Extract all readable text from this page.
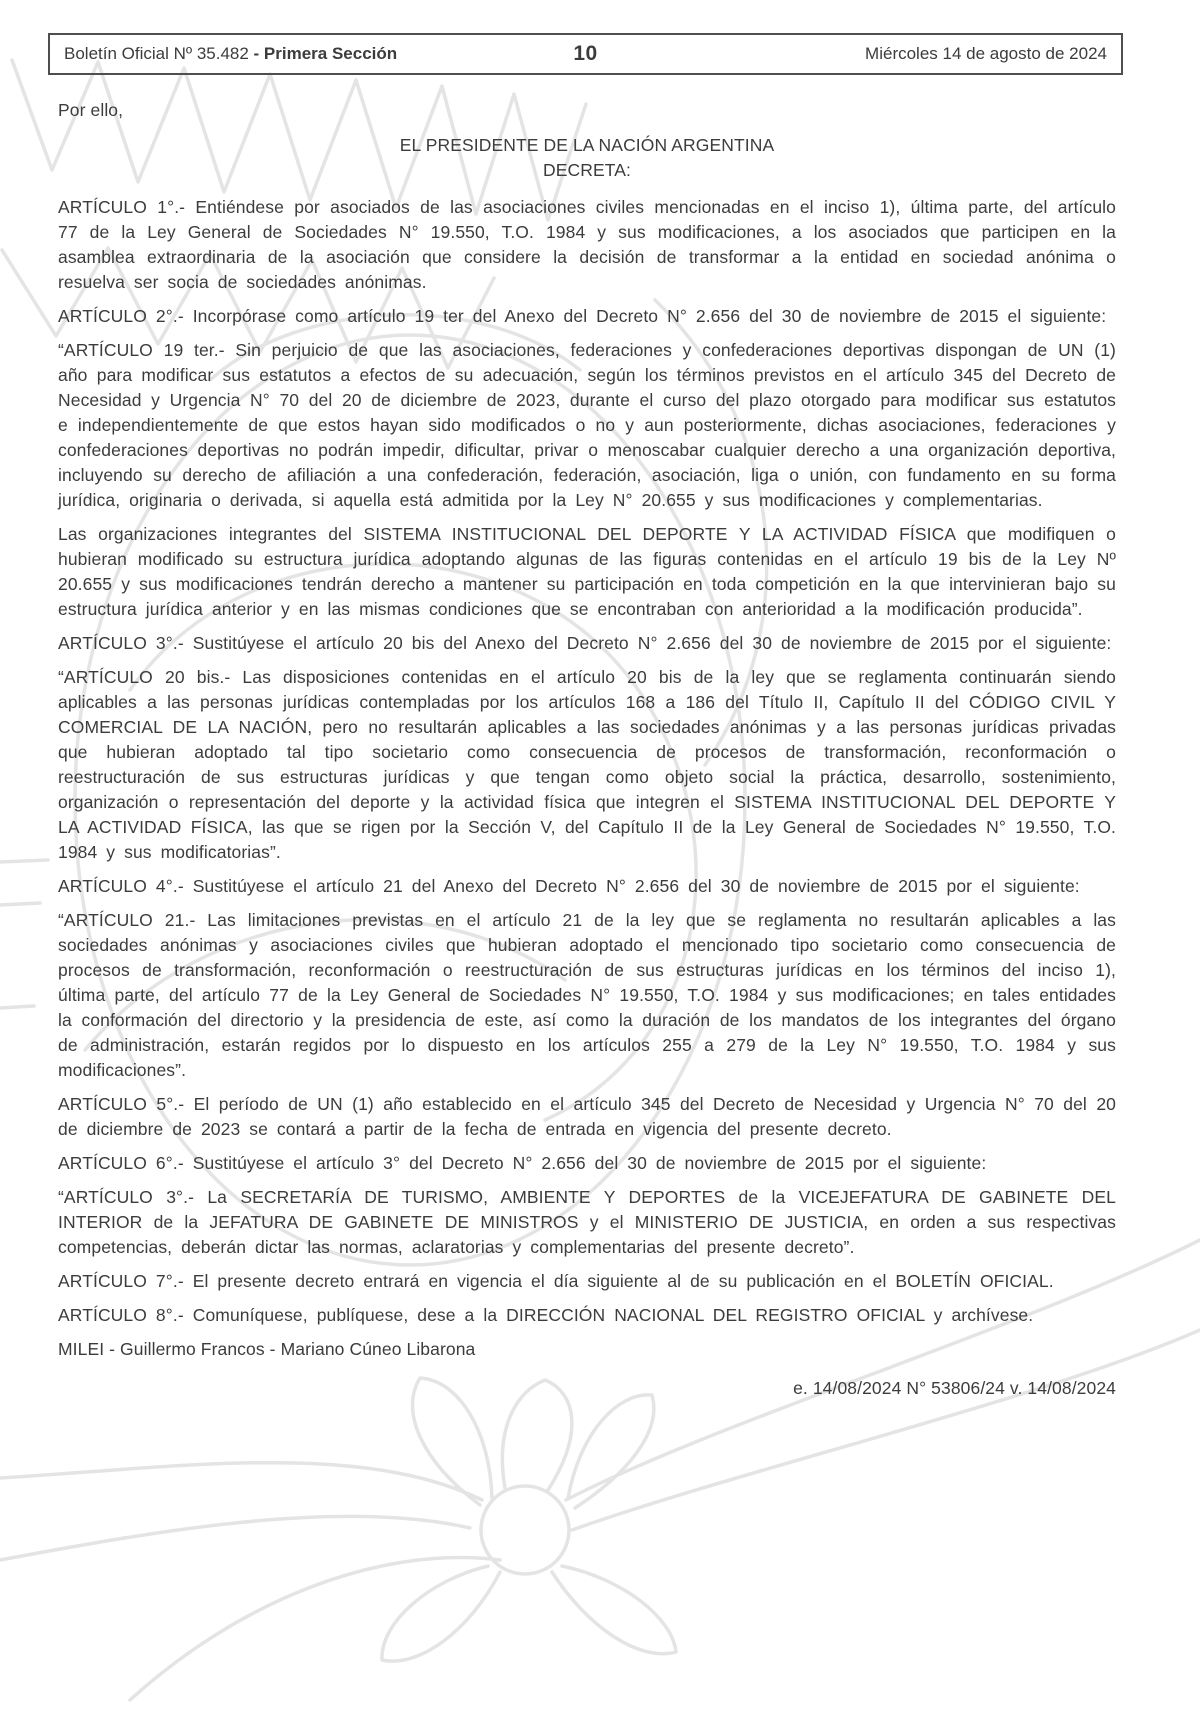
Boletín Oficial Nº 35.482 - Primera Sección	10	Miércoles 14 de agosto de 2024

Por ello,

EL PRESIDENTE DE LA NACIÓN ARGENTINA

DECRETA:

ARTÍCULO 1°.- Entiéndese por asociados de las asociaciones civiles mencionadas en el inciso 1), última parte, del artículo 77 de la Ley General de Sociedades N° 19.550, T.O. 1984 y sus modificaciones, a los asociados que participen en la asamblea extraordinaria de la asociación que considere la decisión de transformar a la entidad en sociedad anónima o resuelva ser socia de sociedades anónimas.

ARTÍCULO 2°.- Incorpórase como artículo 19 ter del Anexo del Decreto N° 2.656 del 30 de noviembre de 2015 el siguiente:

“ARTÍCULO 19 ter.- Sin perjuicio de que las asociaciones, federaciones y confederaciones deportivas dispongan de UN (1) año para modificar sus estatutos a efectos de su adecuación, según los términos previstos en el artículo 345 del Decreto de Necesidad y Urgencia N° 70 del 20 de diciembre de 2023, durante el curso del plazo otorgado para modificar sus estatutos e independientemente de que estos hayan sido modificados o no y aun posteriormente, dichas asociaciones, federaciones y confederaciones deportivas no podrán impedir, dificultar, privar o menoscabar cualquier derecho a una organización deportiva, incluyendo su derecho de afiliación a una confederación, federación, asociación, liga o unión, con fundamento en su forma jurídica, originaria o derivada, si aquella está admitida por la Ley N° 20.655 y sus modificaciones y complementarias.

Las organizaciones integrantes del SISTEMA INSTITUCIONAL DEL DEPORTE Y LA ACTIVIDAD FÍSICA que modifiquen o hubieran modificado su estructura jurídica adoptando algunas de las figuras contenidas en el artículo 19 bis de la Ley Nº 20.655 y sus modificaciones tendrán derecho a mantener su participación en toda competición en la que intervinieran bajo su estructura jurídica anterior y en las mismas condiciones que se encontraban con anterioridad a la modificación producida”.

ARTÍCULO 3°.- Sustitúyese el artículo 20 bis del Anexo del Decreto N° 2.656 del 30 de noviembre de 2015 por el siguiente:

“ARTÍCULO 20 bis.- Las disposiciones contenidas en el artículo 20 bis de la ley que se reglamenta continuarán siendo aplicables a las personas jurídicas contempladas por los artículos 168 a 186 del Título II, Capítulo II del CÓDIGO CIVIL Y COMERCIAL DE LA NACIÓN, pero no resultarán aplicables a las sociedades anónimas y a las personas jurídicas privadas que hubieran adoptado tal tipo societario como consecuencia de procesos de transformación, reconformación o reestructuración de sus estructuras jurídicas y que tengan como objeto social la práctica, desarrollo, sostenimiento, organización o representación del deporte y la actividad física que integren el SISTEMA INSTITUCIONAL DEL DEPORTE Y LA ACTIVIDAD FÍSICA, las que se rigen por la Sección V, del Capítulo II de la Ley General de Sociedades N° 19.550, T.O. 1984 y sus modificatorias”.

ARTÍCULO 4°.- Sustitúyese el artículo 21 del Anexo del Decreto N° 2.656 del 30 de noviembre de 2015 por el siguiente:

“ARTÍCULO 21.- Las limitaciones previstas en el artículo 21 de la ley que se reglamenta no resultarán aplicables a las sociedades anónimas y asociaciones civiles que hubieran adoptado el mencionado tipo societario como consecuencia de procesos de transformación, reconformación o reestructuración de sus estructuras jurídicas en los términos del inciso 1), última parte, del artículo 77 de la Ley General de Sociedades N° 19.550, T.O. 1984 y sus modificaciones; en tales entidades la conformación del directorio y la presidencia de este, así como la duración de los mandatos de los integrantes del órgano de administración, estarán regidos por lo dispuesto en los artículos 255 a 279 de la Ley N° 19.550, T.O. 1984 y sus modificaciones”.

ARTÍCULO 5°.- El período de UN (1) año establecido en el artículo 345 del Decreto de Necesidad y Urgencia N° 70 del 20 de diciembre de 2023 se contará a partir de la fecha de entrada en vigencia del presente decreto.

ARTÍCULO 6°.- Sustitúyese el artículo 3° del Decreto N° 2.656 del 30 de noviembre de 2015 por el siguiente:

“ARTÍCULO 3°.- La SECRETARÍA DE TURISMO, AMBIENTE Y DEPORTES de la VICEJEFATURA DE GABINETE DEL INTERIOR de la JEFATURA DE GABINETE DE MINISTROS y el MINISTERIO DE JUSTICIA, en orden a sus respectivas competencias, deberán dictar las normas, aclaratorias y complementarias del presente decreto”.

ARTÍCULO 7°.- El presente decreto entrará en vigencia el día siguiente al de su publicación en el BOLETÍN OFICIAL.

ARTÍCULO 8°.- Comuníquese, publíquese, dese a la DIRECCIÓN NACIONAL DEL REGISTRO OFICIAL y archívese.

MILEI - Guillermo Francos - Mariano Cúneo Libarona

e. 14/08/2024 N° 53806/24 v. 14/08/2024
